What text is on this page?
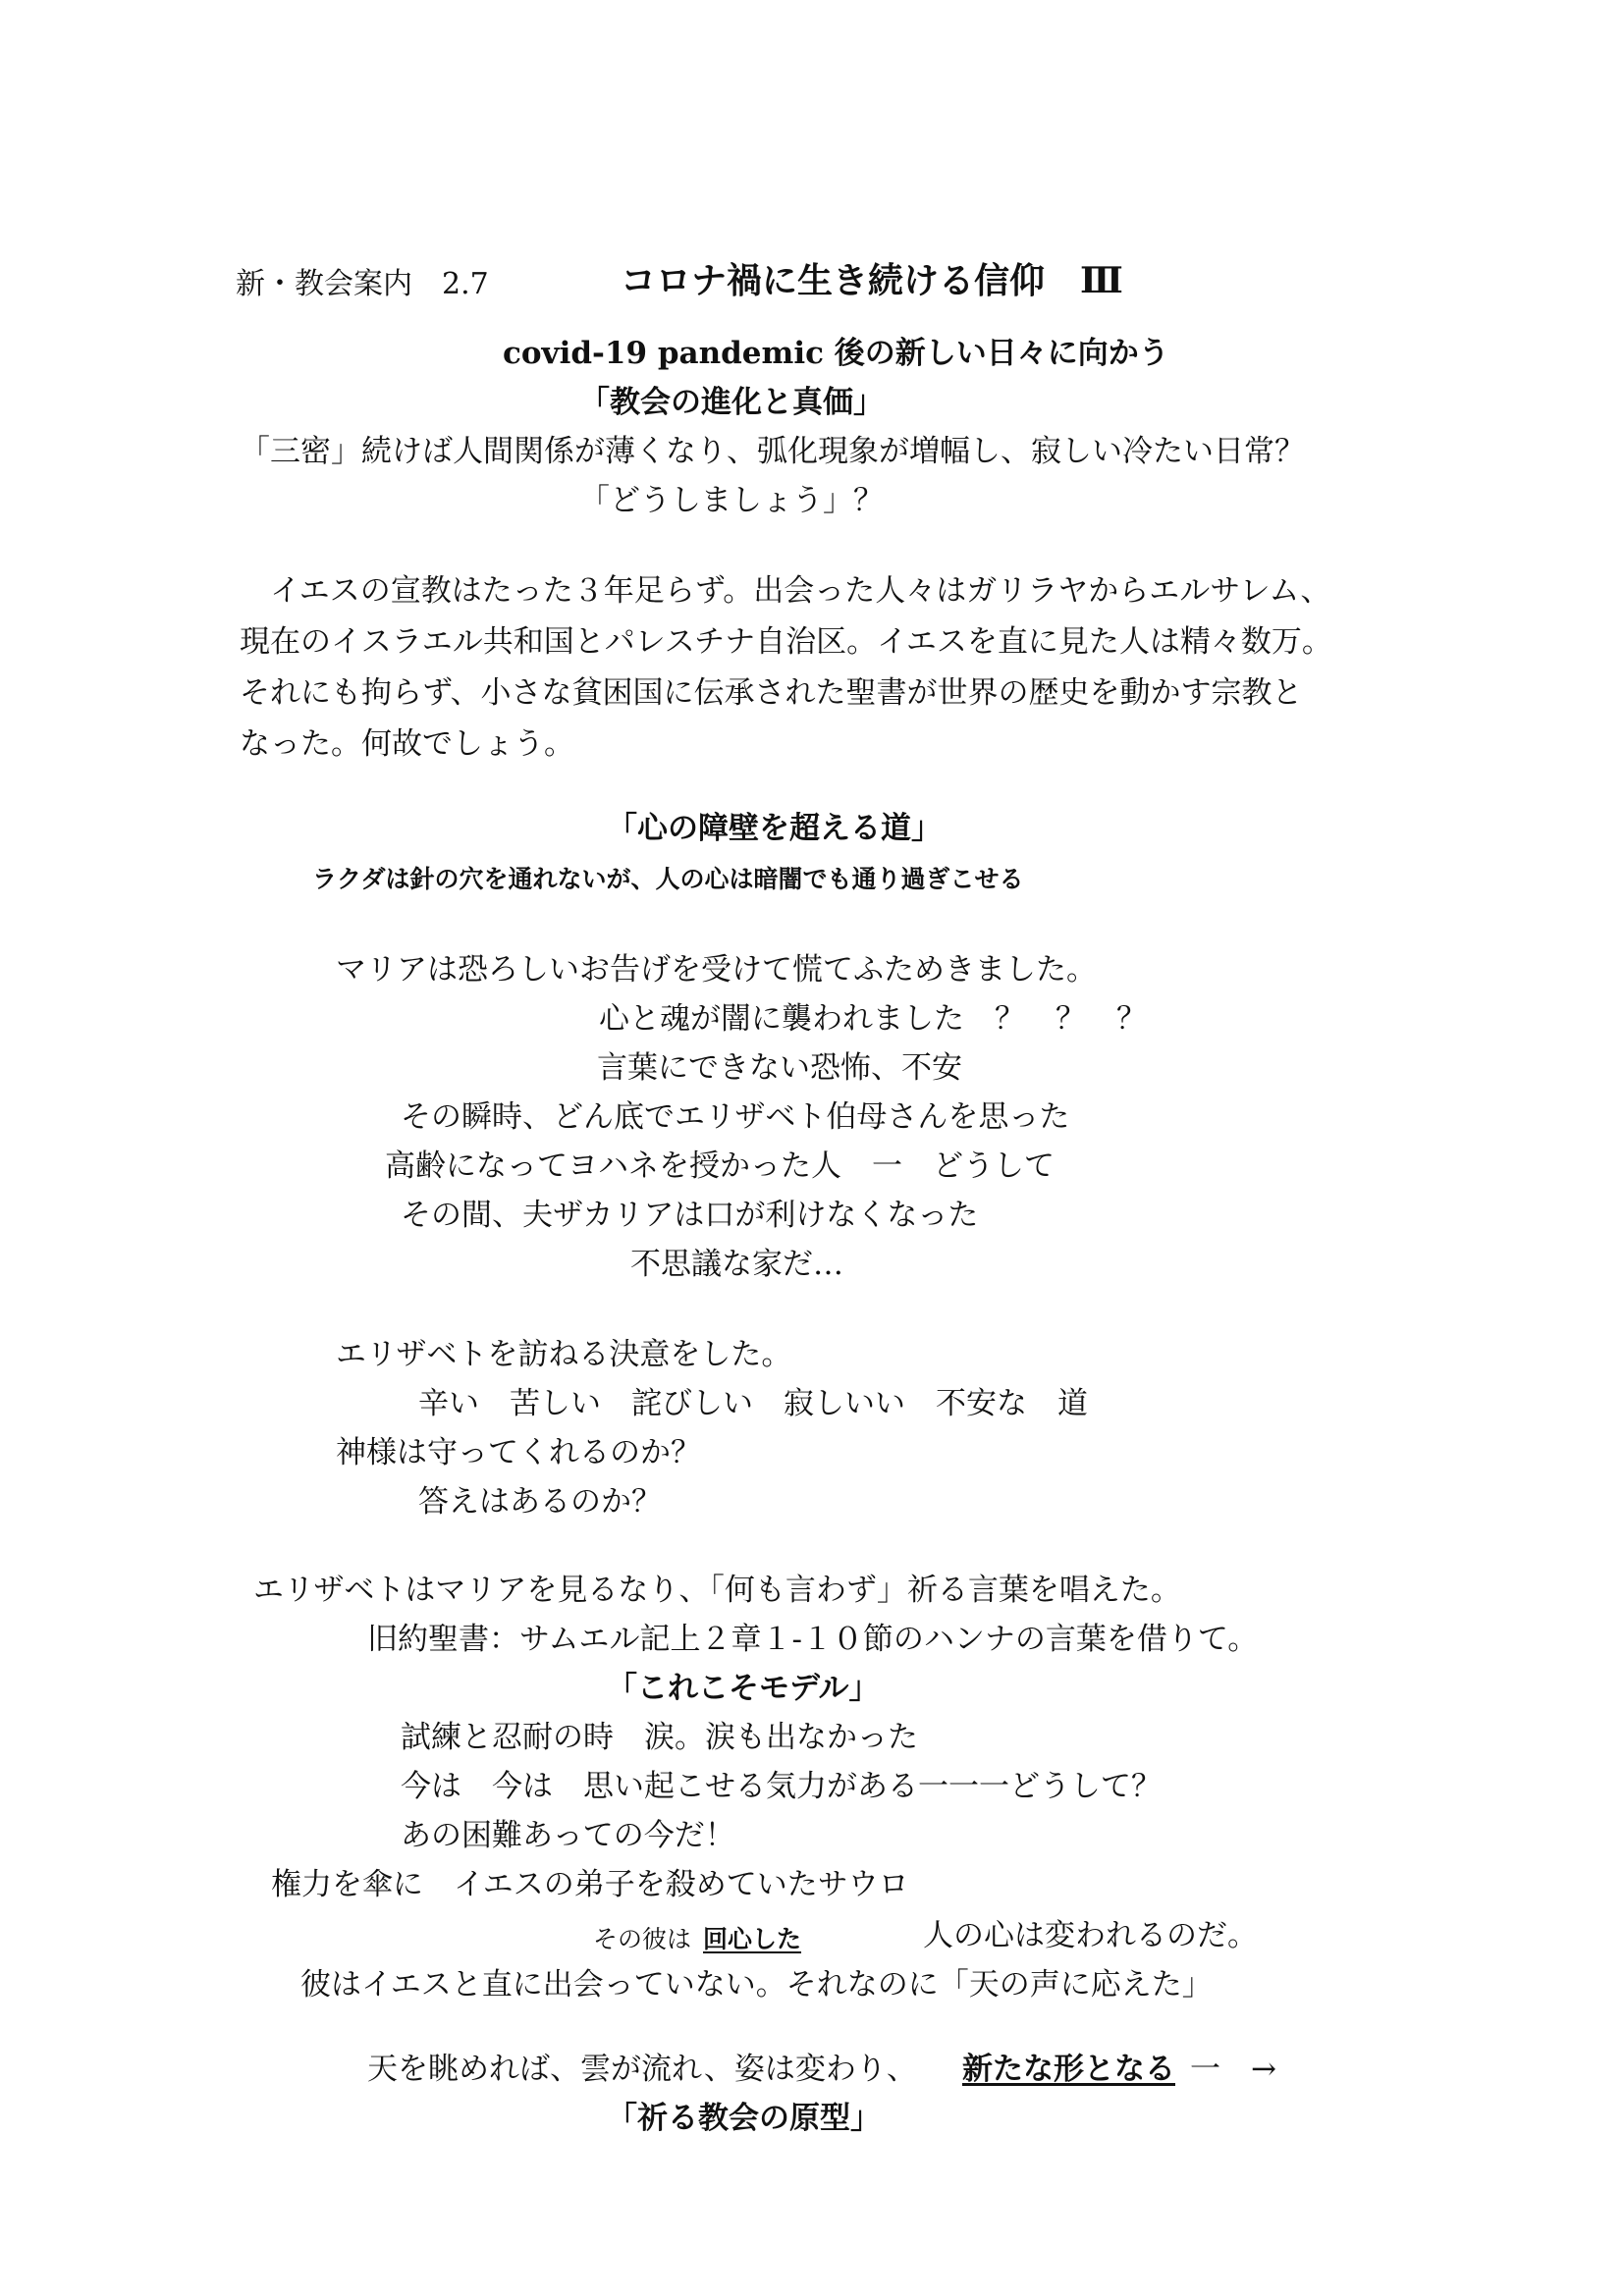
新・教会案内　2.7	コロナ禍に生き続ける信仰　Ⅲ
covid-19 pandemic 後の新しい日々に向かう
「教会の進化と真価」
「三密」続けば人間関係が薄くなり、弧化現象が増幅し、寂しい冷たい日常？
「どうしましょう」？
　イエスの宣教はたった３年足らず。出会った人々はガリラヤからエルサレム、
現在のイスラエル共和国とパレスチナ自治区。イエスを直に見た人は精々数万。
それにも拘らず、小さな貧困国に伝承された聖書が世界の歴史を動かす宗教と
なった。何故でしょう。
「心の障壁を超える道」
ラクダは針の穴を通れないが、人の心は暗闇でも通り過ぎこせる
マリアは恐ろしいお告げを受けて慌てふためきました。
心と魂が闇に襲われました　？　？　？
言葉にできない恐怖、不安
その瞬時、どん底でエリザベト伯母さんを思った
高齢になってヨハネを授かった人　一　どうして
その間、夫ザカリアは口が利けなくなった
不思議な家だ…
エリザベトを訪ねる決意をした。
辛い　苦しい　詫びしい　寂しいい　不安な　道
神様は守ってくれるのか？
答えはあるのか？
エリザベトはマリアを見るなり、「何も言わず」祈る言葉を唱えた。
旧約聖書：サムエル記上２章１-１０節のハンナの言葉を借りて。
「これこそモデル」
試練と忍耐の時　涙。涙も出なかった
今は　今は　思い起こせる気力がある一一一どうして？
あの困難あっての今だ！
権力を傘に　イエスの弟子を殺めていたサウロ
その彼は 回心した	人の心は変われるのだ。
彼はイエスと直に出会っていない。それなのに「天の声に応えた」
天を眺めれば、雲が流れ、姿は変わり、 新たな形となる 一　→
「祈る教会の原型」
